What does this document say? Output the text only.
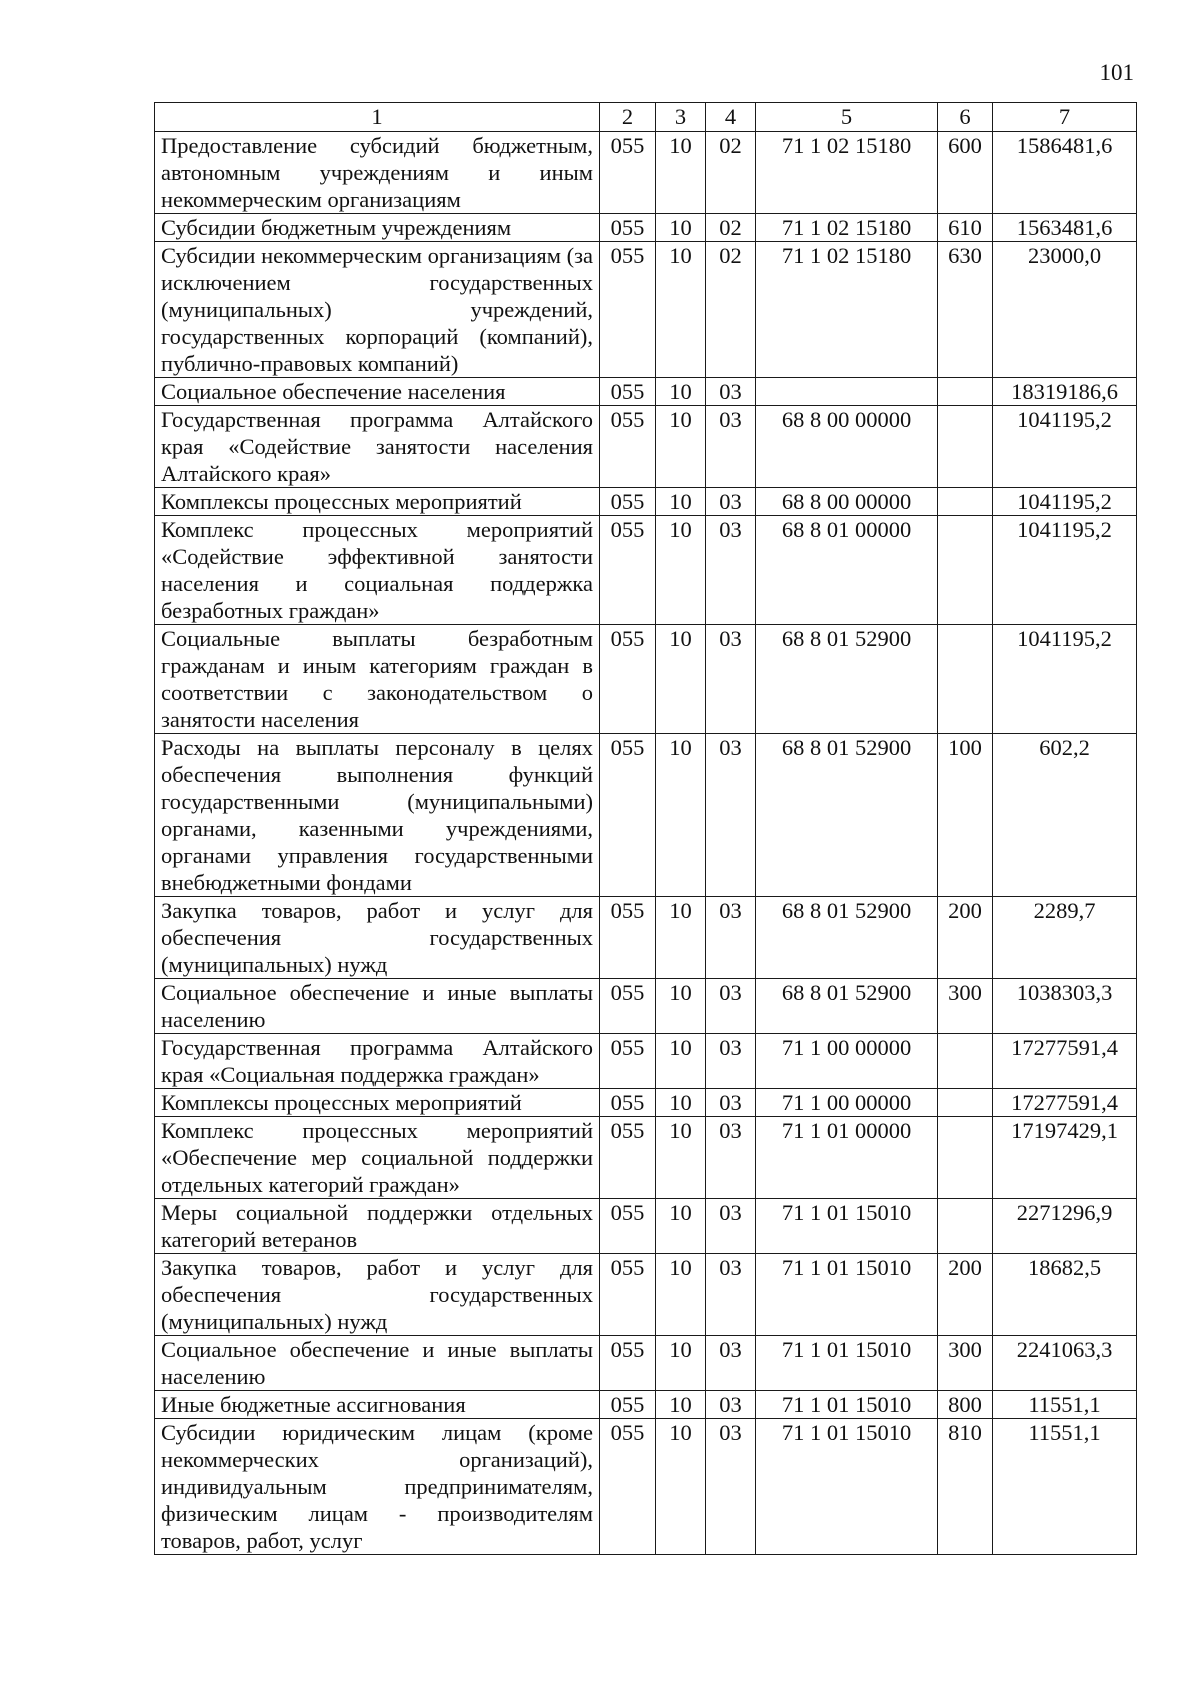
101
1	2	3	4	5	6	7
Предоставление субсидий бюджетным, автономным учреждениям и иным некоммерческим организациям	055	10	02	71 1 02 15180	600	1586481,6
Субсидии бюджетным учреждениям	055	10	02	71 1 02 15180	610	1563481,6
Субсидии некоммерческим организациям (за исключением государственных (муниципальных) учреждений, государственных корпораций (компаний), публично-правовых компаний)	055	10	02	71 1 02 15180	630	23000,0
Социальное обеспечение населения	055	10	03			18319186,6
Государственная программа Алтайского края «Содействие занятости населения Алтайского края»	055	10	03	68 8 00 00000		1041195,2
Комплексы процессных мероприятий	055	10	03	68 8 00 00000		1041195,2
Комплекс процессных мероприятий «Содействие эффективной занятости населения и социальная поддержка безработных граждан»	055	10	03	68 8 01 00000		1041195,2
Социальные выплаты безработным гражданам и иным категориям граждан в соответствии с законодательством о занятости населения	055	10	03	68 8 01 52900		1041195,2
Расходы на выплаты персоналу в целях обеспечения выполнения функций государственными (муниципальными) органами, казенными учреждениями, органами управления государственными внебюджетными фондами	055	10	03	68 8 01 52900	100	602,2
Закупка товаров, работ и услуг для обеспечения государственных (муниципальных) нужд	055	10	03	68 8 01 52900	200	2289,7
Социальное обеспечение и иные выплаты населению	055	10	03	68 8 01 52900	300	1038303,3
Государственная программа Алтайского края «Социальная поддержка граждан»	055	10	03	71 1 00 00000		17277591,4
Комплексы процессных мероприятий	055	10	03	71 1 00 00000		17277591,4
Комплекс процессных мероприятий «Обеспечение мер социальной поддержки отдельных категорий граждан»	055	10	03	71 1 01 00000		17197429,1
Меры социальной поддержки отдельных категорий ветеранов	055	10	03	71 1 01 15010		2271296,9
Закупка товаров, работ и услуг для обеспечения государственных (муниципальных) нужд	055	10	03	71 1 01 15010	200	18682,5
Социальное обеспечение и иные выплаты населению	055	10	03	71 1 01 15010	300	2241063,3
Иные бюджетные ассигнования	055	10	03	71 1 01 15010	800	11551,1
Субсидии юридическим лицам (кроме некоммерческих организаций), индивидуальным предпринимателям, физическим лицам - производителям товаров, работ, услуг	055	10	03	71 1 01 15010	810	11551,1
